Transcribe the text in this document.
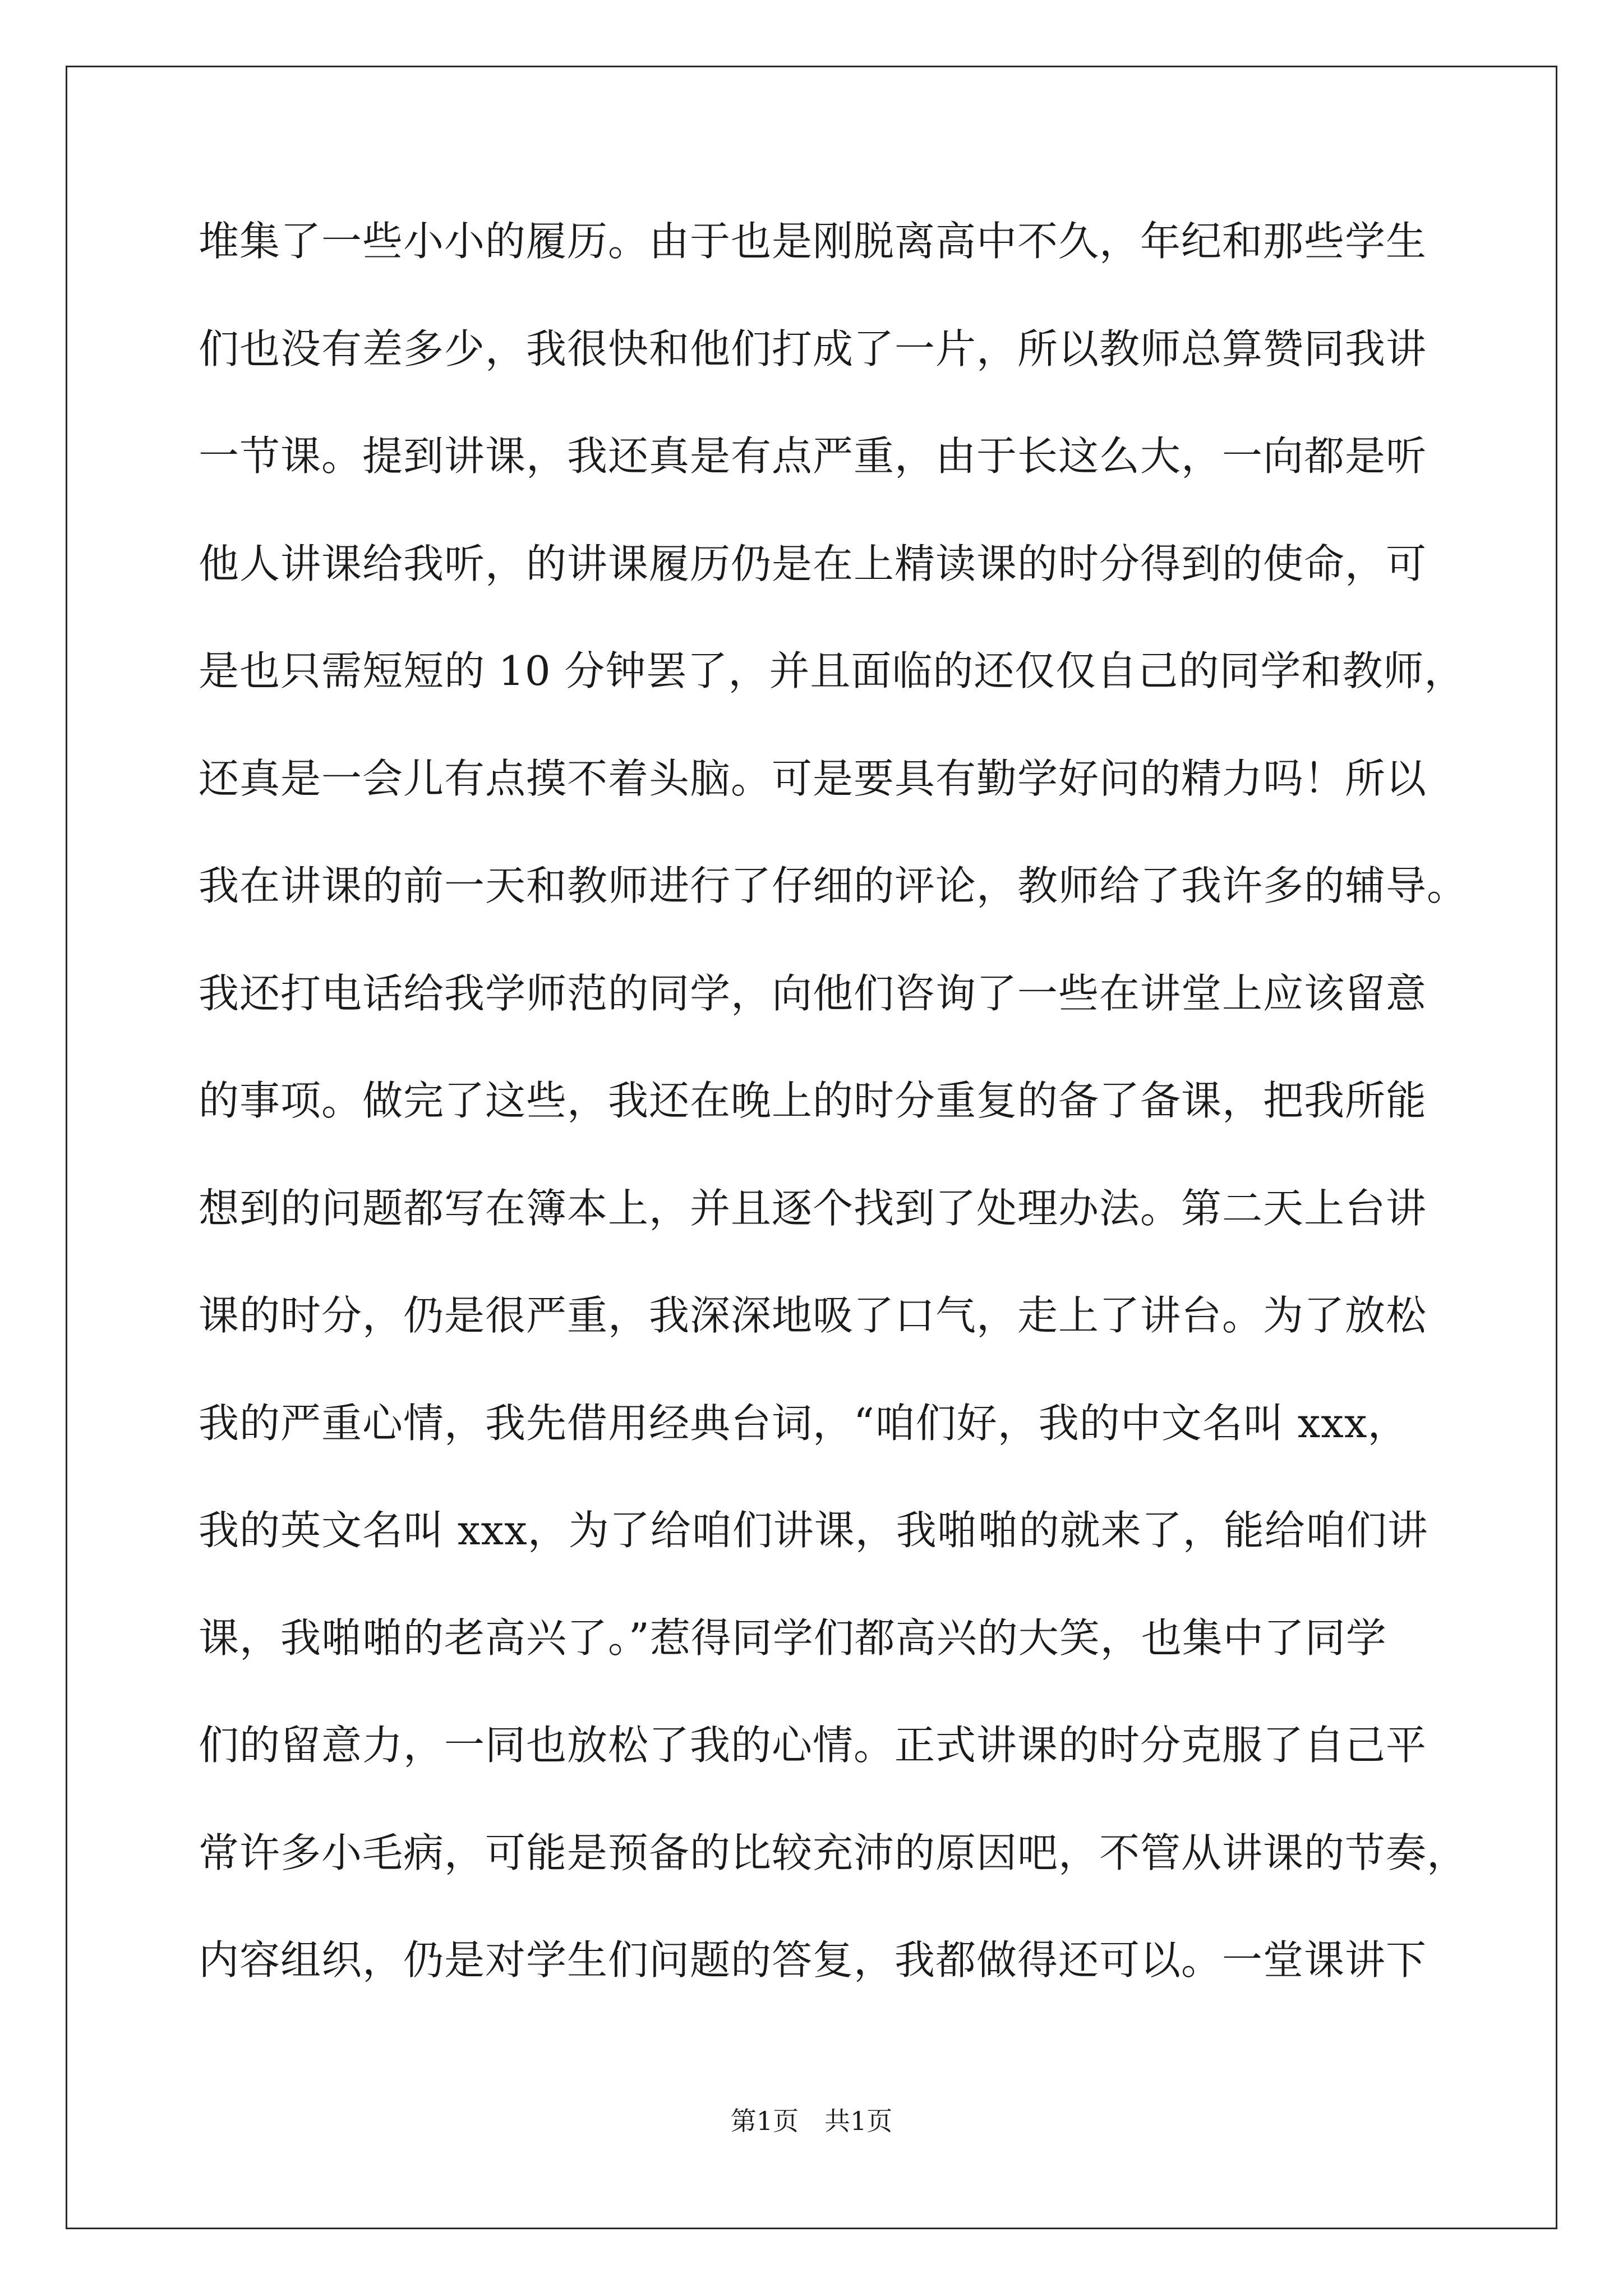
堆集了一些小小的履历。由于也是刚脱离高中不久，年纪和那些学生
们也没有差多少，我很快和他们打成了一片，所以教师总算赞同我讲
一节课。提到讲课，我还真是有点严重，由于长这么大，一向都是听
他人讲课给我听，的讲课履历仍是在上精读课的时分得到的使命，可
是也只需短短的 10 分钟罢了，并且面临的还仅仅自己的同学和教师，
还真是一会儿有点摸不着头脑。可是要具有勤学好问的精力吗！所以
我在讲课的前一天和教师进行了仔细的评论，教师给了我许多的辅导。
我还打电话给我学师范的同学，向他们咨询了一些在讲堂上应该留意
的事项。做完了这些，我还在晚上的时分重复的备了备课，把我所能
想到的问题都写在簿本上，并且逐个找到了处理办法。第二天上台讲
课的时分，仍是很严重，我深深地吸了口气，走上了讲台。为了放松
我的严重心情，我先借用经典台词，“咱们好，我的中文名叫 xxx，
我的英文名叫 xxx，为了给咱们讲课，我啪啪的就来了，能给咱们讲
课，我啪啪的老高兴了。”惹得同学们都高兴的大笑，也集中了同学
们的留意力，一同也放松了我的心情。正式讲课的时分克服了自己平
常许多小毛病，可能是预备的比较充沛的原因吧，不管从讲课的节奏，
内容组织，仍是对学生们问题的答复，我都做得还可以。一堂课讲下
第1页　共1页
